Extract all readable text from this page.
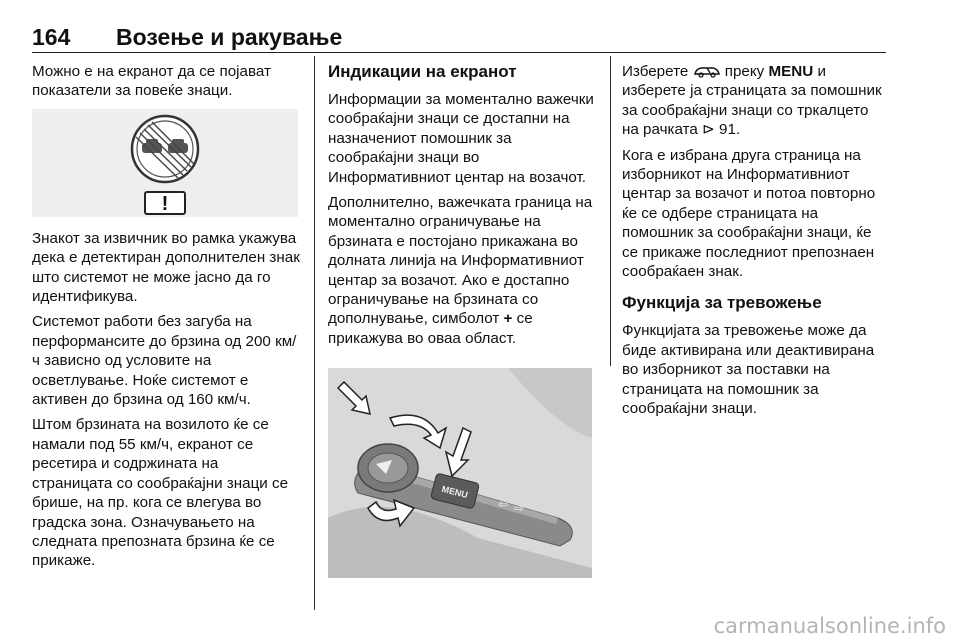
164 Возење и ракување

Можно е на екранот да се појават показатели за повеќе знаци.

!

Знакот за извичник во рамка укажува дека е детектиран дополнителен знак што системот не може јасно да го идентификува.

Системот работи без загуба на перформансите до брзина од 200 км/ч зависно од условите на осветлување. Ноќе системот е активен до брзина од 160 км/ч.

Штом брзината на возилото ќе се намали под 55 км/ч, екранот се ресетира и содржината на страницата со сообраќајни знаци се брише, на пр. кога се влегува во градска зона. Означувањето на следната препозната брзина ќе се прикаже.

Индикации на екранот

Информации за моментално важечки сообраќајни знаци се достапни на назначениот помошник за сообраќајни знаци во Информативниот центар на возачот.

Дополнително, важечката граница на моментално ограничувањe на брзината е постојано прикажана во долната линија на Информативниот центар за возачот. Ако е достапно ограничувањe на брзината со дополнување, симболот + се прикажува во оваа област.

MENU
⇦ ⇨

Изберете  преку MENU и изберете ја страницата за помошник за сообраќајни знаци со тркалцето на рачката ⊳ 91.

Кога е избрана друга страница на изборникот на Информативниот центар за возачот и потоа повторно ќе се одбере страницата на помошник за сообраќајни знаци, ќе се прикаже последниот препознаен сообраќаен знак.

Функција за тревожење

Функцијата за тревожење може да биде активирана или деактивирана во изборникот за поставки на страницата на помошник за сообраќајни знаци.

carmanualsonline.info
